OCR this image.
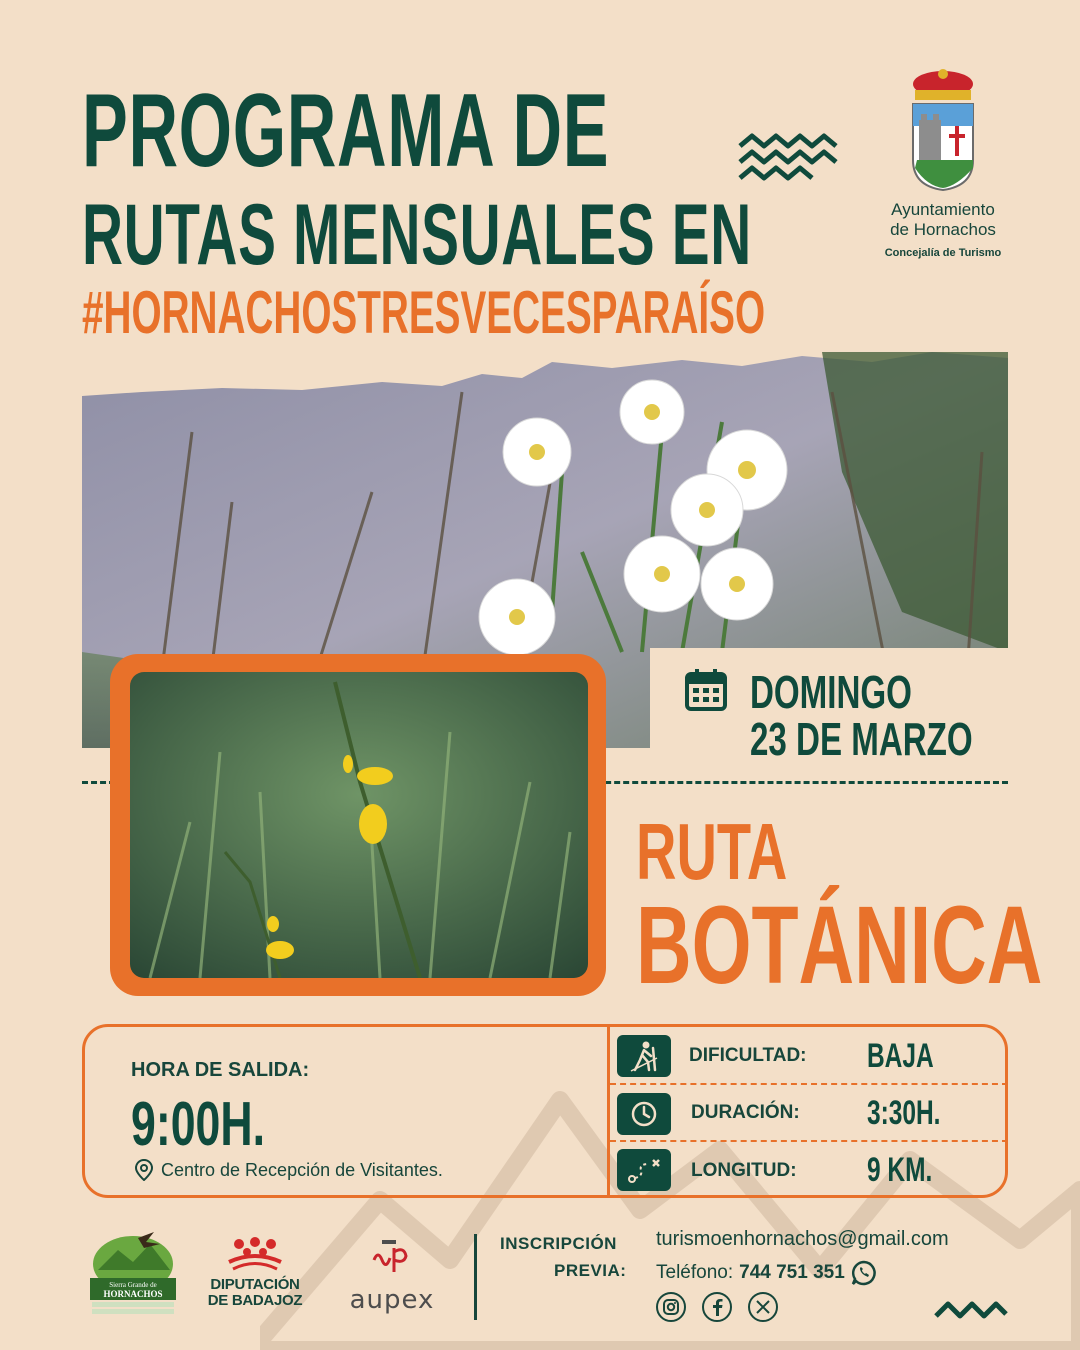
PROGRAMA DE
RUTAS MENSUALES EN
#HORNACHOSTRESVECESPARAÍSO
Ayuntamiento
de Hornachos
Concejalía de Turismo
DOMINGO
23 DE MARZO
RUTA
BOTÁNICA
HORA DE SALIDA:
9:00H.
Centro de Recepción de Visitantes.
DIFICULTAD: BAJA
DURACIÓN: 3:30H.
LONGITUD: 9 KM.
Sierra Grande de
HORNACHOS
DIPUTACIÓN
DE BADAJOZ aupex
INSCRIPCIÓN
PREVIA:
turismoenhornachos@gmail.com
Teléfono: 744 751 351
